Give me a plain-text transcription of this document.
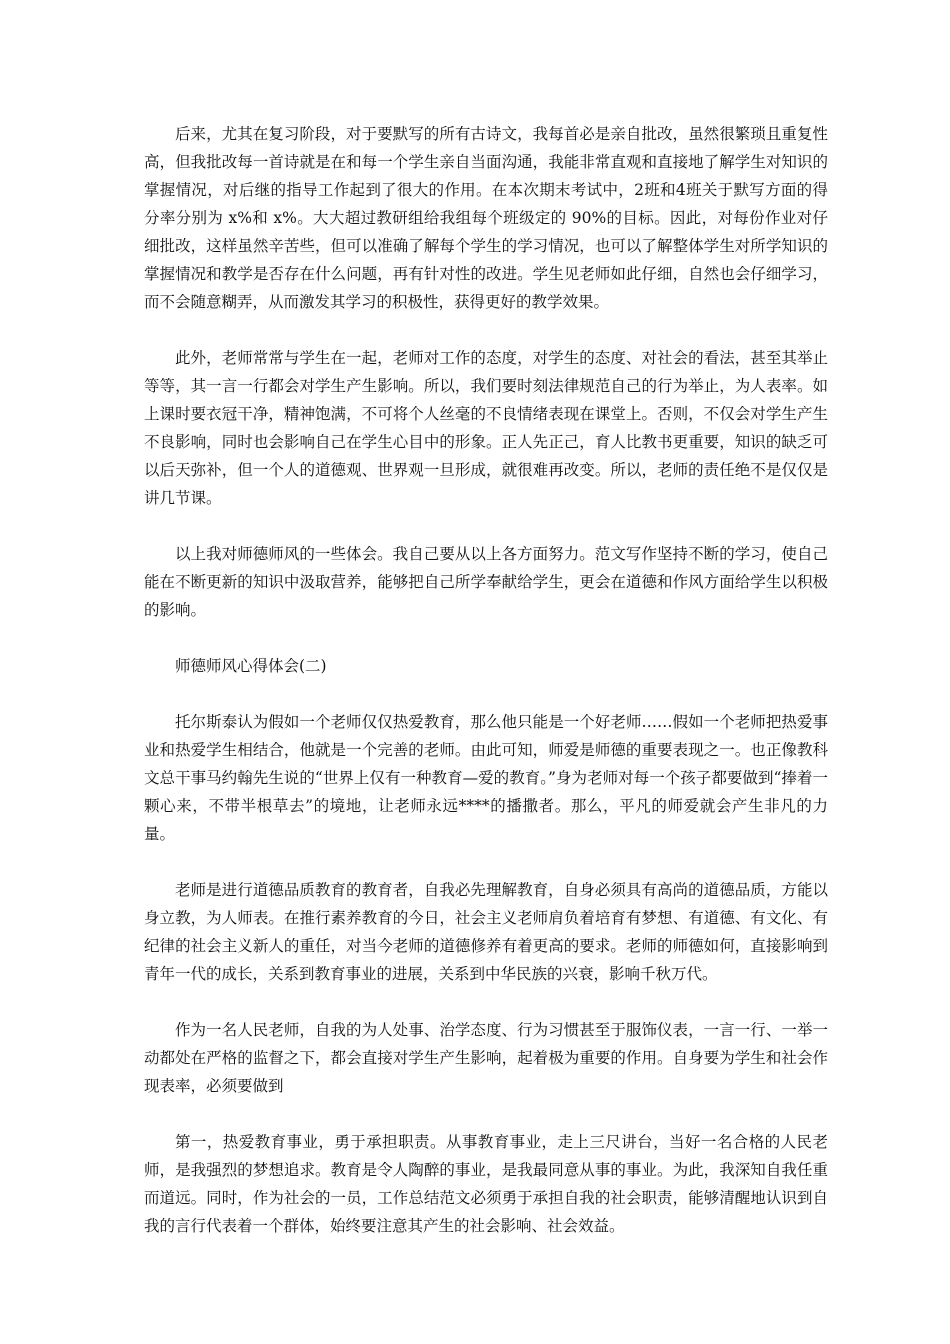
后来，尤其在复习阶段，对于要默写的所有古诗文，我每首必是亲自批改，虽然很繁琐且重复性高，但我批改每一首诗就是在和每一个学生亲自当面沟通，我能非常直观和直接地了解学生对知识的掌握情况，对后继的指导工作起到了很大的作用。在本次期末考试中，2班和4班关于默写方面的得分率分别为 x%和 x%。大大超过教研组给我组每个班级定的 90%的目标。因此，对每份作业对仔细批改，这样虽然辛苦些，但可以准确了解每个学生的学习情况，也可以了解整体学生对所学知识的掌握情况和教学是否存在什么问题，再有针对性的改进。学生见老师如此仔细，自然也会仔细学习，而不会随意糊弄，从而激发其学习的积极性，获得更好的教学效果。

此外，老师常常与学生在一起，老师对工作的态度，对学生的态度、对社会的看法，甚至其举止等等，其一言一行都会对学生产生影响。所以，我们要时刻法律规范自己的行为举止，为人表率。如上课时要衣冠干净，精神饱满，不可将个人丝毫的不良情绪表现在课堂上。否则，不仅会对学生产生不良影响，同时也会影响自己在学生心目中的形象。正人先正己，育人比教书更重要，知识的缺乏可以后天弥补，但一个人的道德观、世界观一旦形成，就很难再改变。所以，老师的责任绝不是仅仅是讲几节课。

以上我对师德师风的一些体会。我自己要从以上各方面努力。范文写作坚持不断的学习，使自己能在不断更新的知识中汲取营养，能够把自己所学奉献给学生，更会在道德和作风方面给学生以积极的影响。

师德师风心得体会(二)

托尔斯泰认为假如一个老师仅仅热爱教育，那么他只能是一个好老师……假如一个老师把热爱事业和热爱学生相结合，他就是一个完善的老师。由此可知，师爱是师德的重要表现之一。也正像教科文总干事马约翰先生说的“世界上仅有一种教育—爱的教育。”身为老师对每一个孩子都要做到“捧着一颗心来，不带半根草去”的境地，让老师永远****的播撒者。那么，平凡的师爱就会产生非凡的力量。

老师是进行道德品质教育的教育者，自我必先理解教育，自身必须具有高尚的道德品质，方能以身立教，为人师表。在推行素养教育的今日，社会主义老师肩负着培育有梦想、有道德、有文化、有纪律的社会主义新人的重任，对当今老师的道德修养有着更高的要求。老师的师德如何，直接影响到青年一代的成长，关系到教育事业的进展，关系到中华民族的兴衰，影响千秋万代。

作为一名人民老师，自我的为人处事、治学态度、行为习惯甚至于服饰仪表，一言一行、一举一动都处在严格的监督之下，都会直接对学生产生影响，起着极为重要的作用。自身要为学生和社会作现表率，必须要做到

第一，热爱教育事业，勇于承担职责。从事教育事业，走上三尺讲台，当好一名合格的人民老师，是我强烈的梦想追求。教育是令人陶醉的事业，是我最同意从事的事业。为此，我深知自我任重而道远。同时，作为社会的一员，工作总结范文必须勇于承担自我的社会职责，能够清醒地认识到自我的言行代表着一个群体，始终要注意其产生的社会影响、社会效益。
